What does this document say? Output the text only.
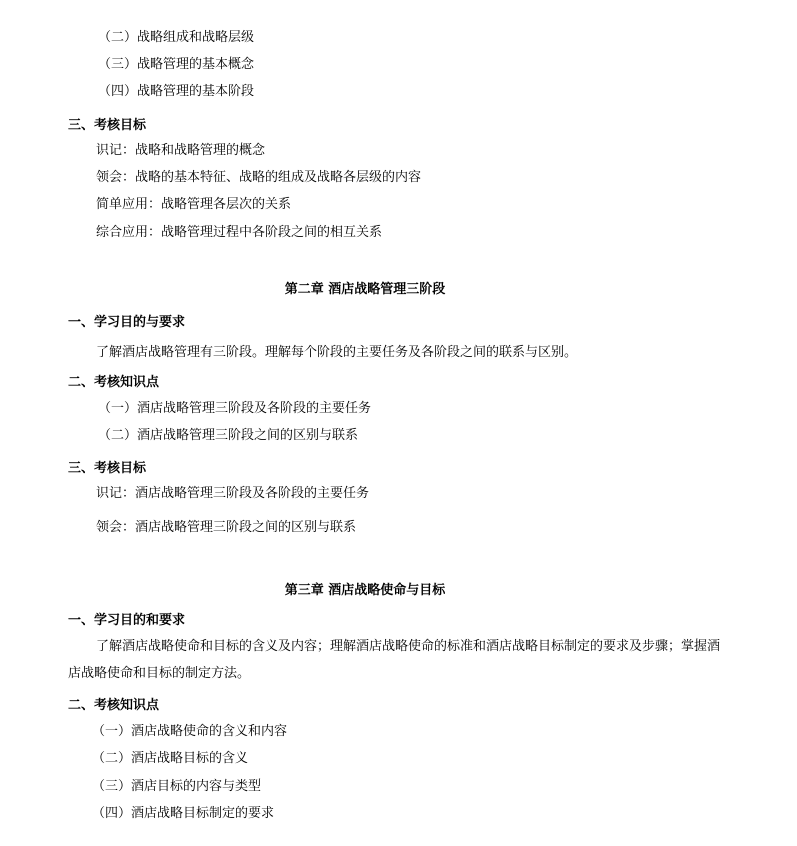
（二）战略组成和战略层级
（三）战略管理的基本概念
（四）战略管理的基本阶段
三、考核目标
识记：战略和战略管理的概念
领会：战略的基本特征、战略的组成及战略各层级的内容
简单应用：战略管理各层次的关系
综合应用：战略管理过程中各阶段之间的相互关系
第二章 酒店战略管理三阶段
一、学习目的与要求
了解酒店战略管理有三阶段。理解每个阶段的主要任务及各阶段之间的联系与区别。
二、考核知识点
（一）酒店战略管理三阶段及各阶段的主要任务
（二）酒店战略管理三阶段之间的区别与联系
三、考核目标
识记：酒店战略管理三阶段及各阶段的主要任务
领会：酒店战略管理三阶段之间的区别与联系
第三章 酒店战略使命与目标
一、学习目的和要求
了解酒店战略使命和目标的含义及内容；理解酒店战略使命的标准和酒店战略目标制定的要求及步骤；掌握酒
店战略使命和目标的制定方法。
二、考核知识点
（一）酒店战略使命的含义和内容
（二）酒店战略目标的含义
（三）酒店目标的内容与类型
（四）酒店战略目标制定的要求
